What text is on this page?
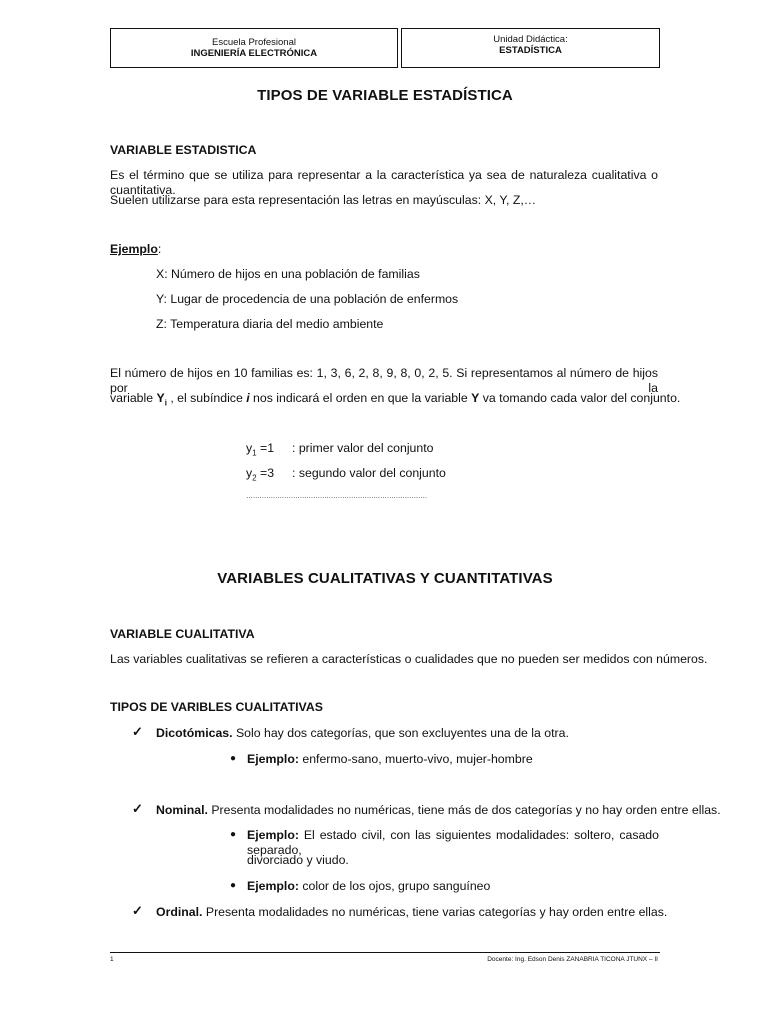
Escuela Profesional
INGENIERÍA ELECTRÓNICA
Unidad Didáctica:
ESTADÍSTICA
TIPOS DE VARIABLE ESTADÍSTICA
VARIABLE ESTADISTICA
Es el término que se utiliza para representar a la característica ya sea de naturaleza cualitativa o cuantitativa.
Suelen utilizarse para esta representación las letras en mayúsculas: X, Y, Z,…
Ejemplo:
X: Número de hijos en una población de familias
Y: Lugar de procedencia de una población de enfermos
Z: Temperatura diaria del medio ambiente
El número de hijos en 10 familias es: 1, 3, 6, 2, 8, 9, 8, 0, 2, 5. Si representamos al número de hijos por la
variable $Y_i$ , el subíndice i nos indicará el orden en que la variable Y va tomando cada valor del conjunto.
$y_1 =1$ : primer valor del conjunto
$y_2 =3$ : segundo valor del conjunto
………………………………………………………………………
VARIABLES CUALITATIVAS Y CUANTITATIVAS
VARIABLE CUALITATIVA
Las variables cualitativas se refieren a características o cualidades que no pueden ser medidos con números.
TIPOS DE VARIBLES CUALITATIVAS
✓ Dicotómicas. Solo hay dos categorías, que son excluyentes una de la otra.
● Ejemplo: enfermo-sano, muerto-vivo, mujer-hombre
✓ Nominal. Presenta modalidades no numéricas, tiene más de dos categorías y no hay orden entre ellas.
● Ejemplo: El estado civil, con las siguientes modalidades: soltero, casado separado,
divorciado y viudo.
● Ejemplo: color de los ojos, grupo sanguíneo
✓ Ordinal. Presenta modalidades no numéricas, tiene varias categorías y hay orden entre ellas.
1	Docente: Ing. Edson Denis ZANABRIA TICONA JTUNX – II
